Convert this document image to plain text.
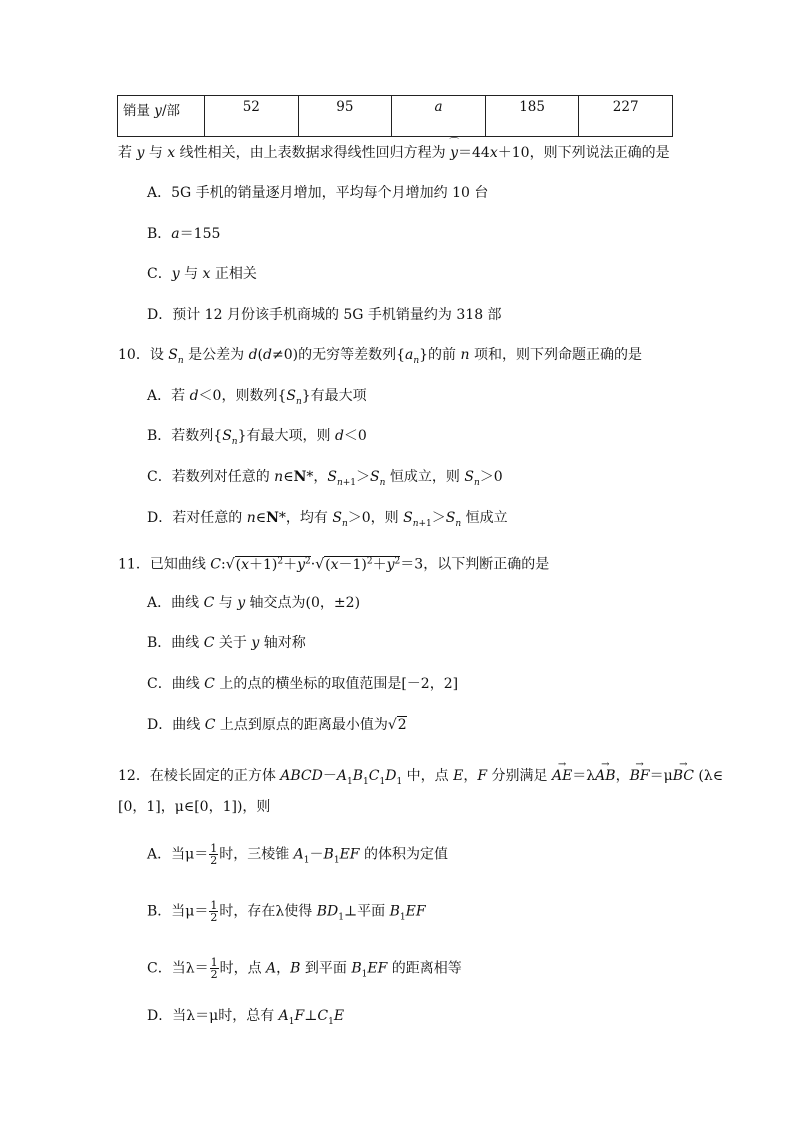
销量 y/部	52	95	a	185	227
若 y 与 x 线性相关，由上表数据求得线性回归方程为 ⌒ y＝44x＋10，则下列说法正确的是
A．5G 手机的销量逐月增加，平均每个月增加约 10 台
B．a＝155
C．y 与 x 正相关
D．预计 12 月份该手机商城的 5G 手机销量约为 318 部
10．设 $S_n$ 是公差为 d(d≠0)的无穷等差数列$\{a_n\}$的前 n 项和，则下列命题正确的是
A．若 d＜0，则数列$\{S_n\}$有最大项
B．若数列$\{S_n\}$有最大项，则 d＜0
C．若数列对任意的 n∈N*，$S_{n+1}>S_n$ 恒成立，则 $S_n>0$
D．若对任意的 n∈N*，均有 $S_n>0$，则 $S_{n+1}>S_n$ 恒成立
11．已知曲线 $C:√(x+1)^2+y^2\cdot√(x-1)^2+y^2=3$，以下判断正确的是
A．曲线 C 与 y 轴交点为(0，±2)
B．曲线 C 关于 y 轴对称
C．曲线 C 上的点的横坐标的取值范围是[－2，2]
D．曲线 C 上点到原点的距离最小值为√2
12．在棱长固定的正方体 $ABCD-A_1B_1C_1D_1$ 中，点 E，F 分别满足 → AE＝λ→ AB，→ BF＝μ→ BC (λ∈
[0，1]，μ∈[0，1])，则
A．当$\mu= \frac{1}{2}$ 时，三棱锥 $A_1-B_1EF$ 的体积为定值
B．当$\mu= \frac{1}{2}$ 时，存在λ使得 $BD_1\perp$平面 $B_1EF$
C．当$\lambda= \frac{1}{2}$ 时，点 A，B 到平面 $B_1EF$ 的距离相等
D．当λ＝μ时，总有 $A_1F\perp C_1E$
